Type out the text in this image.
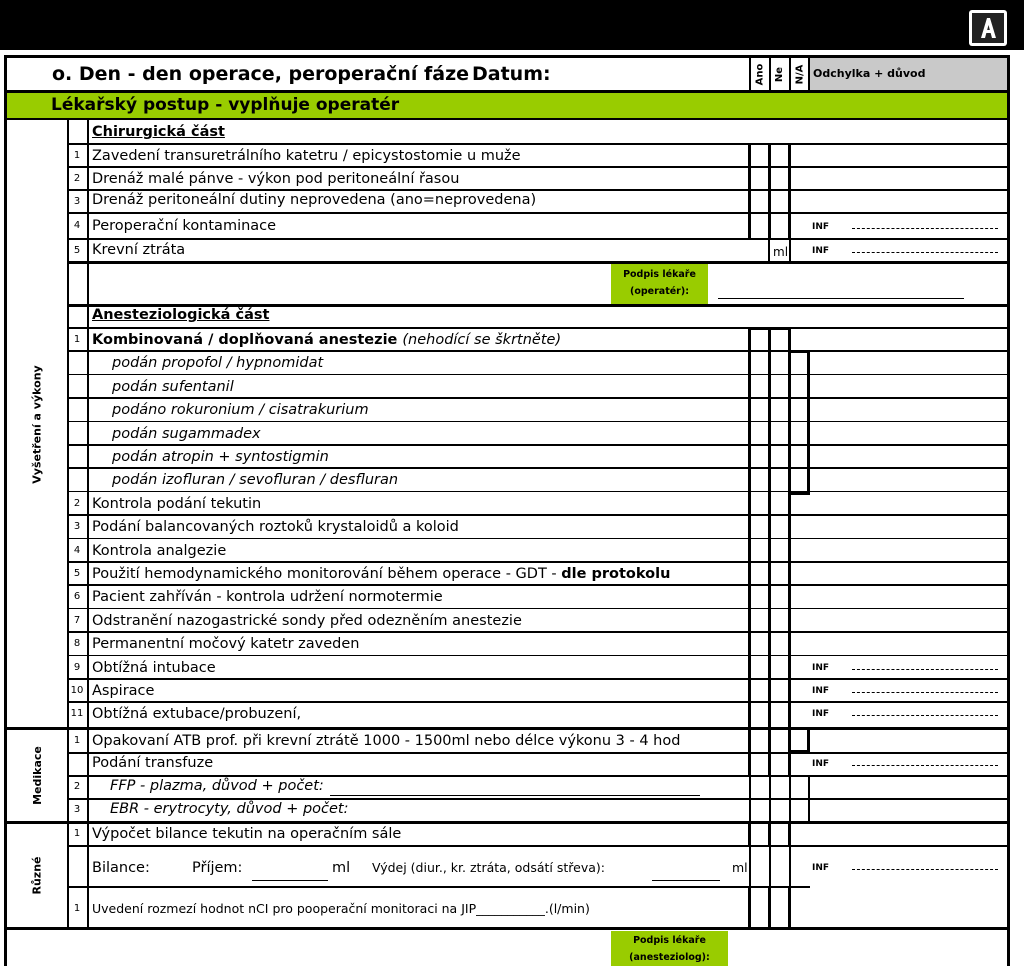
o. Den - den operace, peroperační fáze Datum:	Ano Ne N/A Odchylka + důvod
Lékařský postup - vyplňuje operatér
Vyšetření a výkony
Medikace
Různé
Chirurgická část
1 Zavedení transuretrálního katetru / epicystostomie u muže
2 Drenáž malé pánve - výkon pod peritoneální řasou
3 Drenáž peritoneální dutiny neprovedena (ano=neprovedena)
4 Peroperační kontaminace	INF
5 Krevní ztráta	ml	INF
Podpis lékaře (operatér):
Anesteziologická část
1 Kombinovaná / doplňovaná anestezie (nehodící se škrtněte)
podán propofol / hypnomidat
podán sufentanil
podáno rokuronium / cisatrakurium
podán sugammadex
podán atropin + syntostigmin
podán izofluran / sevofluran / desfluran
2 Kontrola podání tekutin
3 Podání balancovaných roztoků krystaloidů a koloid
4 Kontrola analgezie
5 Použití hemodynamického monitorování během operace - GDT - dle protokolu
6 Pacient zahříván - kontrola udržení normotermie
7 Odstranění nazogastrické sondy před odezněním anestezie
8 Permanentní močový katetr zaveden
9 Obtížná intubace	INF
10 Aspirace	INF
11 Obtížná extubace/probuzení,	INF
1 Opakovaní ATB prof. při krevní ztrátě 1000 - 1500ml nebo délce výkonu 3 - 4 hod
Podání transfuze	INF
2	FFP - plazma, důvod + počet:
3	EBR - erytrocyty, důvod + počet:
1 Výpočet bilance tekutin na operačním sále
Bilance:	Příjem:	ml Výdej (diur., kr. ztráta, odsátí střeva):	ml	INF
1 Uvedení rozmezí hodnot nCI pro pooperační monitoraci na JIP___________.(l/min)
Podpis lékaře (anesteziolog):
